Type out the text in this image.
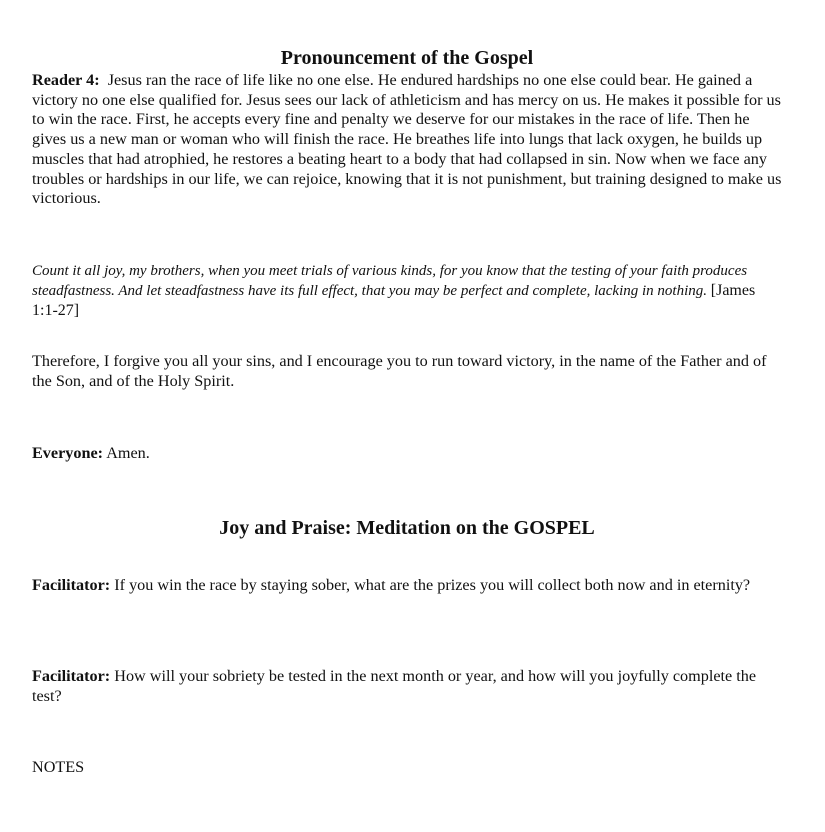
Pronouncement of the Gospel

Reader 4: Jesus ran the race of life like no one else. He endured hardships no one else could bear. He gained a victory no one else qualified for. Jesus sees our lack of athleticism and has mercy on us. He makes it possible for us to win the race. First, he accepts every fine and penalty we deserve for our mistakes in the race of life. Then he gives us a new man or woman who will finish the race. He breathes life into lungs that lack oxygen, he builds up muscles that had atrophied, he restores a beating heart to a body that had collapsed in sin. Now when we face any troubles or hardships in our life, we can rejoice, knowing that it is not punishment, but training designed to make us victorious.

Count it all joy, my brothers, when you meet trials of various kinds, for you know that the testing of your faith produces steadfastness. And let steadfastness have its full effect, that you may be perfect and complete, lacking in nothing. [James 1:1-27]

Therefore, I forgive you all your sins, and I encourage you to run toward victory, in the name of the Father and of the Son, and of the Holy Spirit.

Everyone: Amen.

Joy and Praise: Meditation on the GOSPEL

Facilitator: If you win the race by staying sober, what are the prizes you will collect both now and in eternity?

Facilitator: How will your sobriety be tested in the next month or year, and how will you joyfully complete the test?

NOTES
